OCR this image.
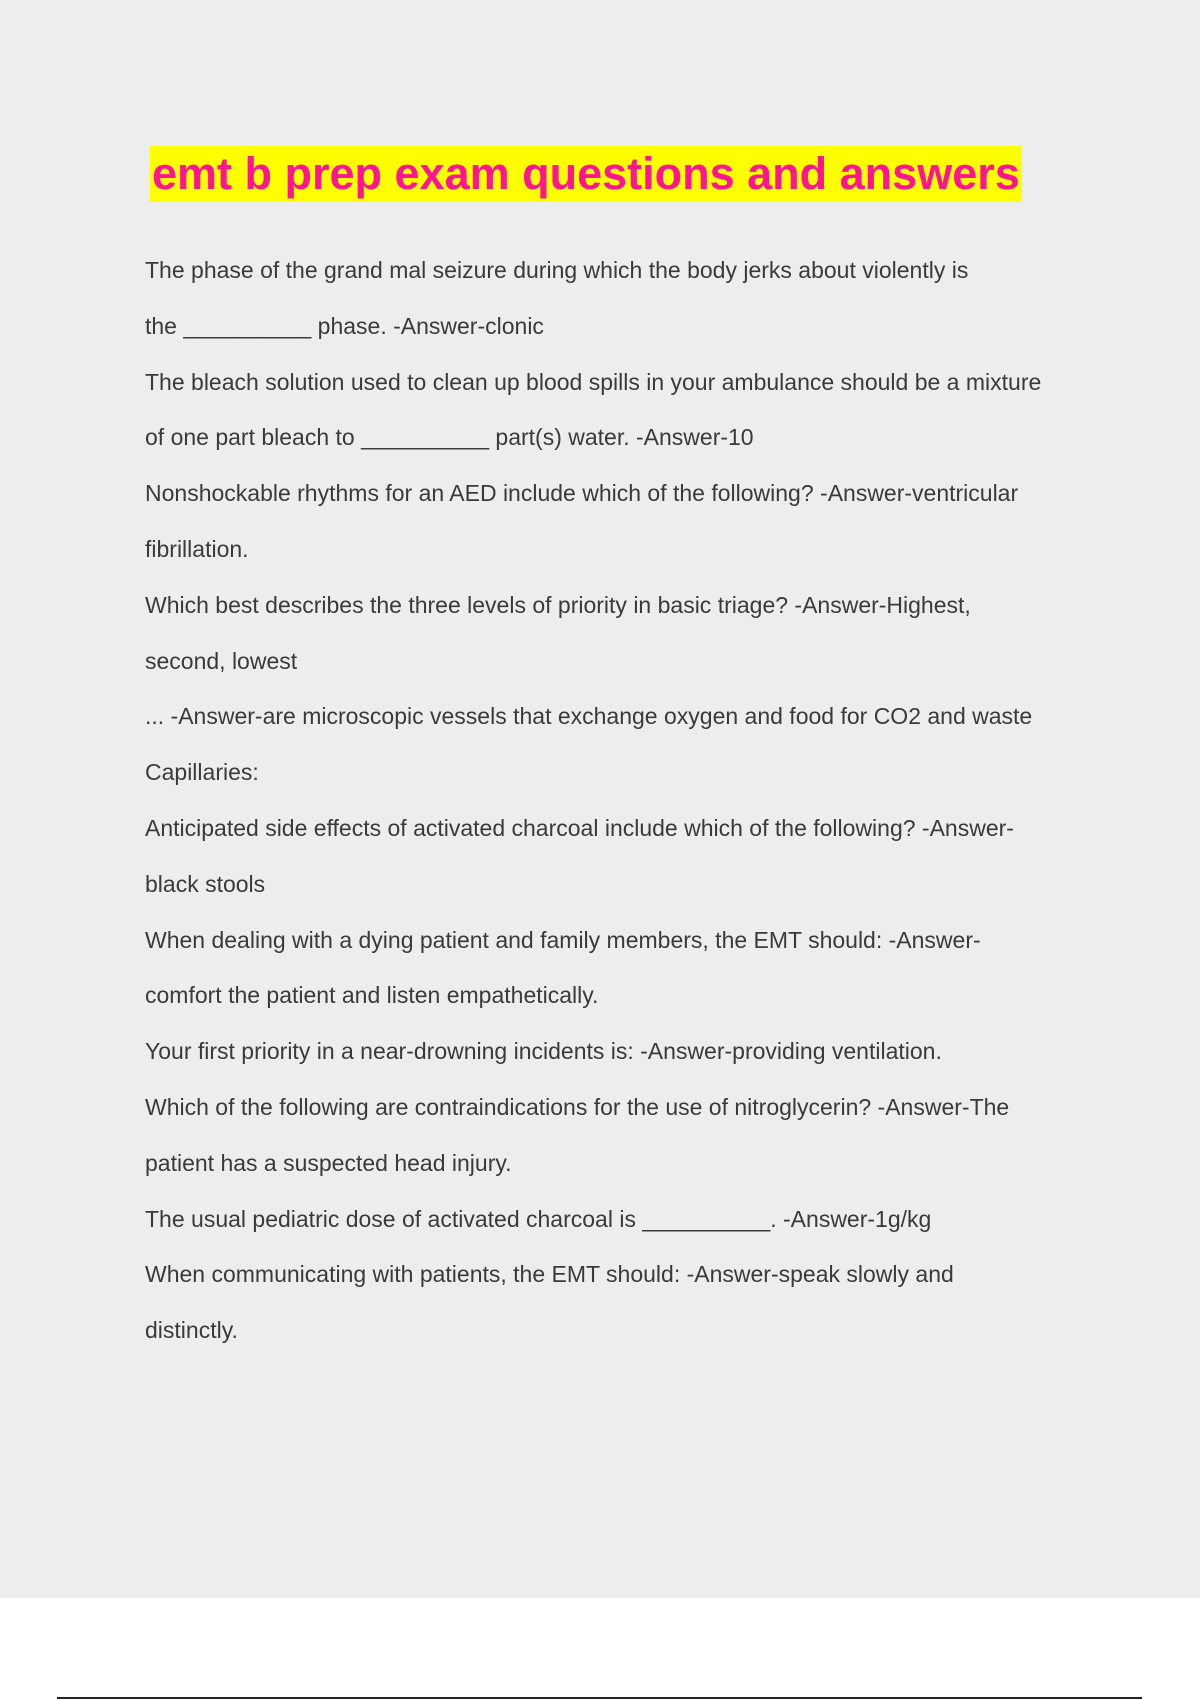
emt b prep exam questions and answers
The phase of the grand mal seizure during which the body jerks about violently is
the __________ phase. -Answer-clonic
The bleach solution used to clean up blood spills in your ambulance should be a mixture
of one part bleach to __________ part(s) water. -Answer-10
Nonshockable rhythms for an AED include which of the following? -Answer-ventricular
fibrillation.
Which best describes the three levels of priority in basic triage? -Answer-Highest,
second, lowest
... -Answer-are microscopic vessels that exchange oxygen and food for CO2 and waste
Capillaries:
Anticipated side effects of activated charcoal include which of the following? -Answer-
black stools
When dealing with a dying patient and family members, the EMT should: -Answer-
comfort the patient and listen empathetically.
Your first priority in a near-drowning incidents is: -Answer-providing ventilation.
Which of the following are contraindications for the use of nitroglycerin? -Answer-The
patient has a suspected head injury.
The usual pediatric dose of activated charcoal is __________. -Answer-1g/kg
When communicating with patients, the EMT should: -Answer-speak slowly and
distinctly.
